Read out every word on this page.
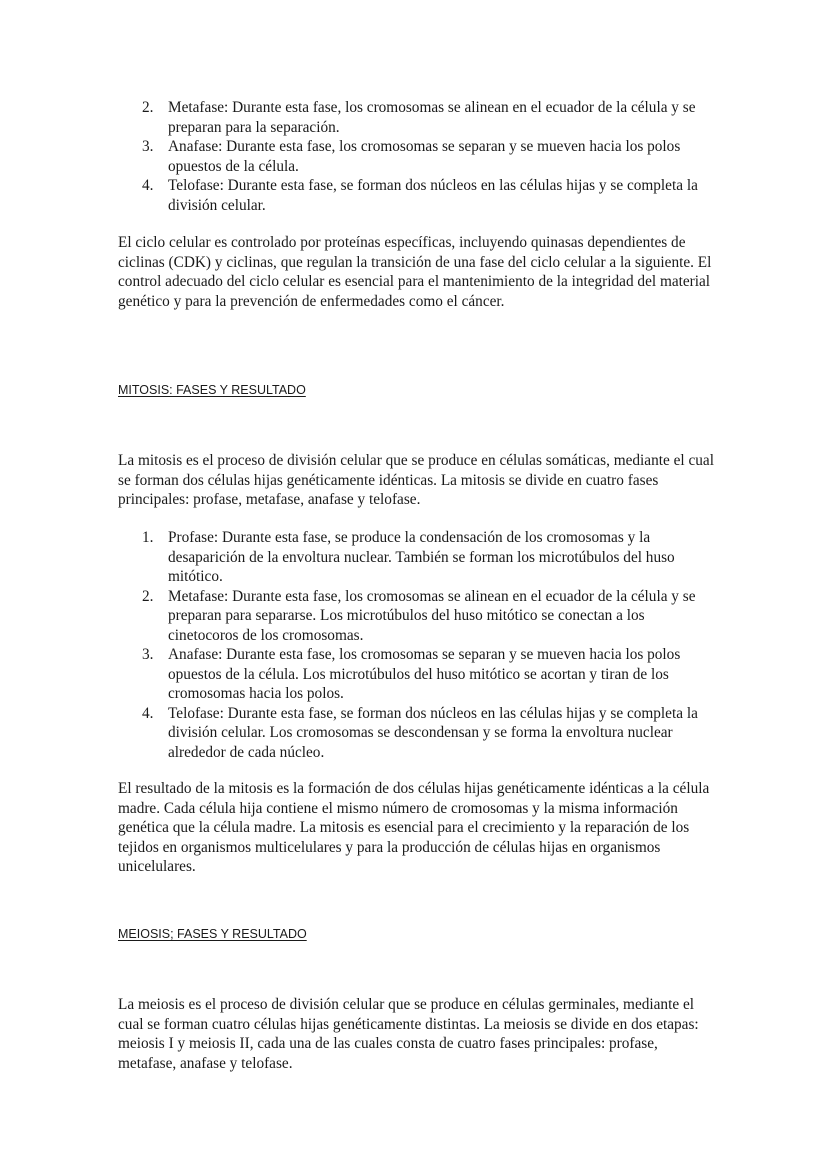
2. Metafase: Durante esta fase, los cromosomas se alinean en el ecuador de la célula y se preparan para la separación.
3. Anafase: Durante esta fase, los cromosomas se separan y se mueven hacia los polos opuestos de la célula.
4. Telofase: Durante esta fase, se forman dos núcleos en las células hijas y se completa la división celular.

El ciclo celular es controlado por proteínas específicas, incluyendo quinasas dependientes de ciclinas (CDK) y ciclinas, que regulan la transición de una fase del ciclo celular a la siguiente. El control adecuado del ciclo celular es esencial para el mantenimiento de la integridad del material genético y para la prevención de enfermedades como el cáncer.

MITOSIS: FASES Y RESULTADO

La mitosis es el proceso de división celular que se produce en células somáticas, mediante el cual se forman dos células hijas genéticamente idénticas. La mitosis se divide en cuatro fases principales: profase, metafase, anafase y telofase.

1. Profase: Durante esta fase, se produce la condensación de los cromosomas y la desaparición de la envoltura nuclear. También se forman los microtúbulos del huso mitótico.
2. Metafase: Durante esta fase, los cromosomas se alinean en el ecuador de la célula y se preparan para separarse. Los microtúbulos del huso mitótico se conectan a los cinetocoros de los cromosomas.
3. Anafase: Durante esta fase, los cromosomas se separan y se mueven hacia los polos opuestos de la célula. Los microtúbulos del huso mitótico se acortan y tiran de los cromosomas hacia los polos.
4. Telofase: Durante esta fase, se forman dos núcleos en las células hijas y se completa la división celular. Los cromosomas se descondensan y se forma la envoltura nuclear alrededor de cada núcleo.

El resultado de la mitosis es la formación de dos células hijas genéticamente idénticas a la célula madre. Cada célula hija contiene el mismo número de cromosomas y la misma información genética que la célula madre. La mitosis es esencial para el crecimiento y la reparación de los tejidos en organismos multicelulares y para la producción de células hijas en organismos unicelulares.

MEIOSIS; FASES Y RESULTADO

La meiosis es el proceso de división celular que se produce en células germinales, mediante el cual se forman cuatro células hijas genéticamente distintas. La meiosis se divide en dos etapas: meiosis I y meiosis II, cada una de las cuales consta de cuatro fases principales: profase, metafase, anafase y telofase.
